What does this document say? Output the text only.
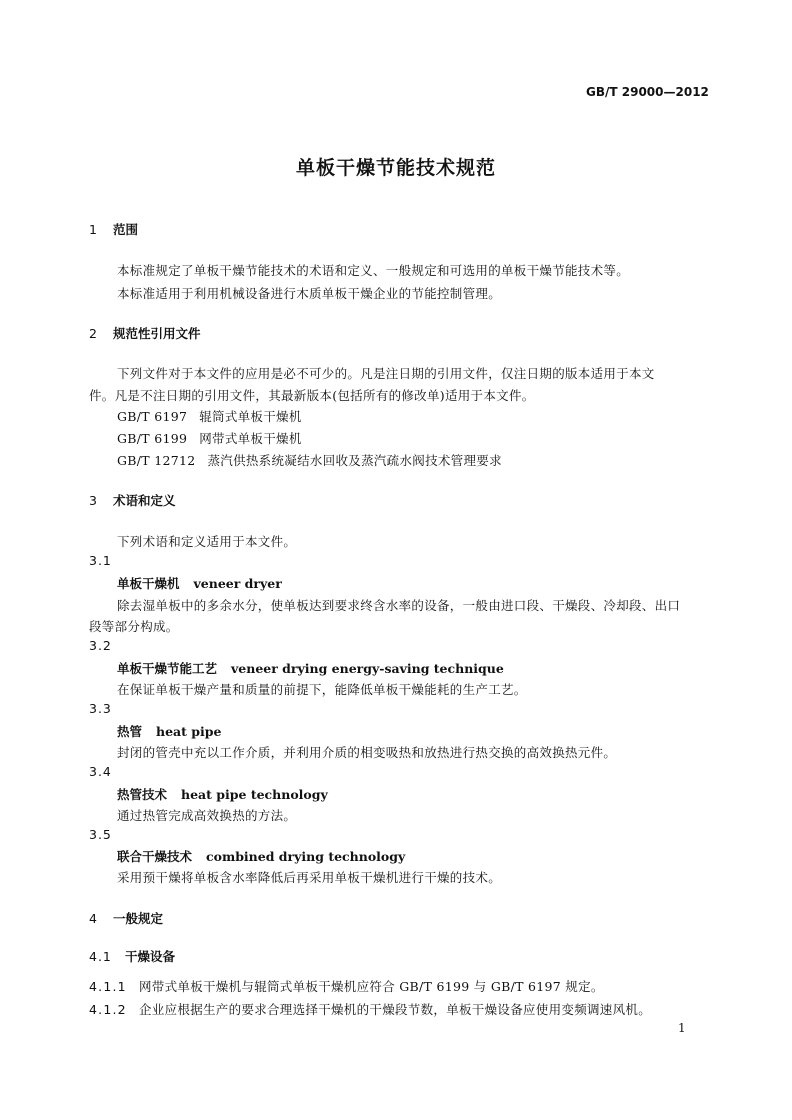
GB/T 29000—2012
单板干燥节能技术规范
1 范围
本标准规定了单板干燥节能技术的术语和定义、一般规定和可选用的单板干燥节能技术等。
本标准适用于利用机械设备进行木质单板干燥企业的节能控制管理。
2 规范性引用文件
下列文件对于本文件的应用是必不可少的。凡是注日期的引用文件，仅注日期的版本适用于本文
件。凡是不注日期的引用文件，其最新版本(包括所有的修改单)适用于本文件。
GB/T 6197 辊筒式单板干燥机
GB/T 6199 网带式单板干燥机
GB/T 12712 蒸汽供热系统凝结水回收及蒸汽疏水阀技术管理要求
3 术语和定义
下列术语和定义适用于本文件。
3.1
单板干燥机 veneer dryer
除去湿单板中的多余水分，使单板达到要求终含水率的设备，一般由进口段、干燥段、冷却段、出口
段等部分构成。
3.2
单板干燥节能工艺 veneer drying energy-saving technique
在保证单板干燥产量和质量的前提下，能降低单板干燥能耗的生产工艺。
3.3
热管 heat pipe
封闭的管壳中充以工作介质，并利用介质的相变吸热和放热进行热交换的高效换热元件。
3.4
热管技术 heat pipe technology
通过热管完成高效换热的方法。
3.5
联合干燥技术 combined drying technology
采用预干燥将单板含水率降低后再采用单板干燥机进行干燥的技术。
4 一般规定
4.1 干燥设备
4.1.1 网带式单板干燥机与辊筒式单板干燥机应符合 GB/T 6199 与 GB/T 6197 规定。
4.1.2 企业应根据生产的要求合理选择干燥机的干燥段节数，单板干燥设备应使用变频调速风机。
1
